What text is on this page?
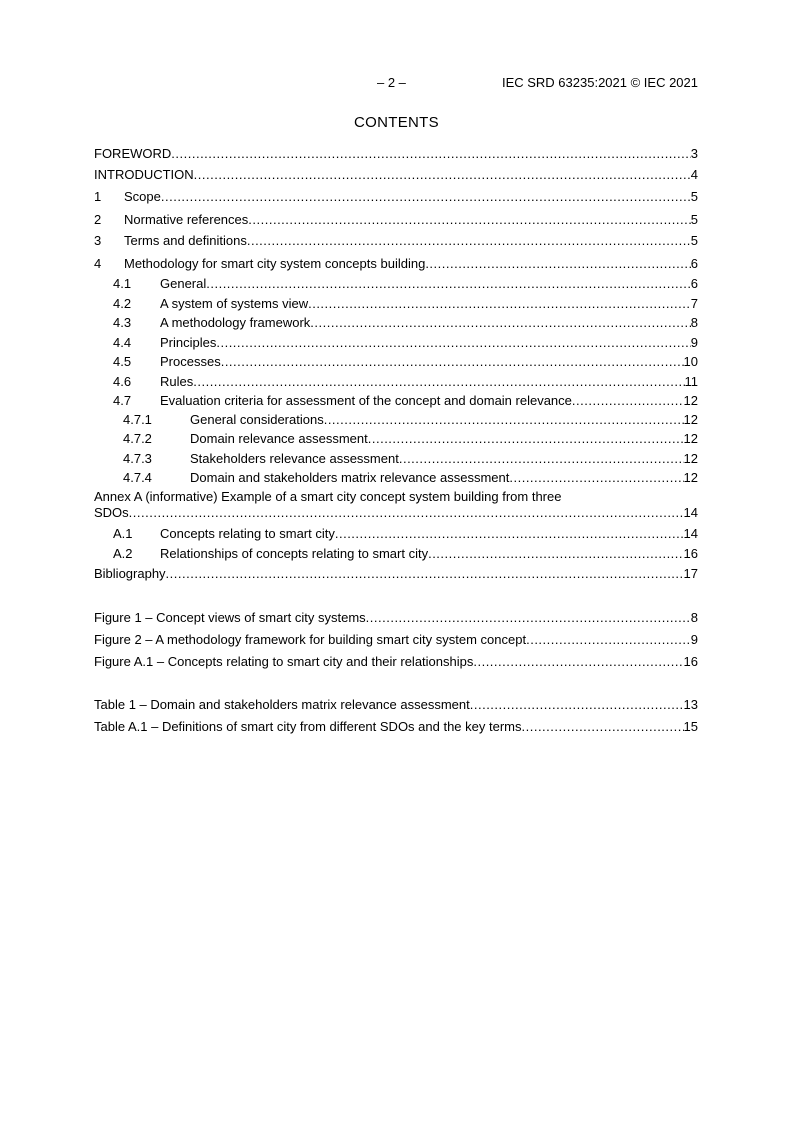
– 2 –	IEC SRD 63235:2021 © IEC 2021
CONTENTS
FOREWORD .....	3
INTRODUCTION .....	4
1 Scope .....	5
2 Normative references .....	5
3 Terms and definitions .....	5
4 Methodology for smart city system concepts building .....	6
4.1 General .....	6
4.2 A system of systems view .....	7
4.3 A methodology framework .....	8
4.4 Principles .....	9
4.5 Processes .....	10
4.6 Rules .....	11
4.7 Evaluation criteria for assessment of the concept and domain relevance .....	12
4.7.1	General considerations .....	12
4.7.2	Domain relevance assessment .....	12
4.7.3	Stakeholders relevance assessment .....	12
4.7.4	Domain and stakeholders matrix relevance assessment .....	12
Annex A (informative) Example of a smart city concept system building from three
SDOs .....	14
A.1 Concepts relating to smart city .....	14
A.2 Relationships of concepts relating to smart city .....	16
Bibliography .....	17
Figure 1 – Concept views of smart city systems .....	8
Figure 2 – A methodology framework for building smart city system concept .....	9
Figure A.1 – Concepts relating to smart city and their relationships .....	16
Table 1 – Domain and stakeholders matrix relevance assessment .....	13
Table A.1 – Definitions of smart city from different SDOs and the key terms .....	15
